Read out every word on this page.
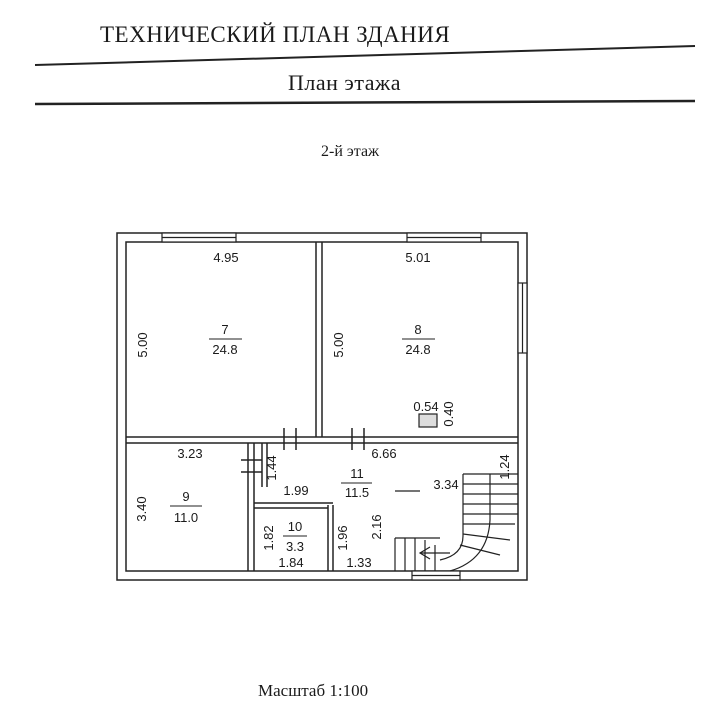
ТЕХНИЧЕСКИЙ ПЛАН ЗДАНИЯ
План этажа
2-й этаж
Масштаб 1:100
7
24.8
8
24.8
9
11.0
10
3.3
11
11.5
4.95	5.01
0.54
3.23	6.66
3.34
1.99
1.84	1.33
5.00	5.00
0.40
1.44	1.24
3.40
1.82	1.96 2.16
